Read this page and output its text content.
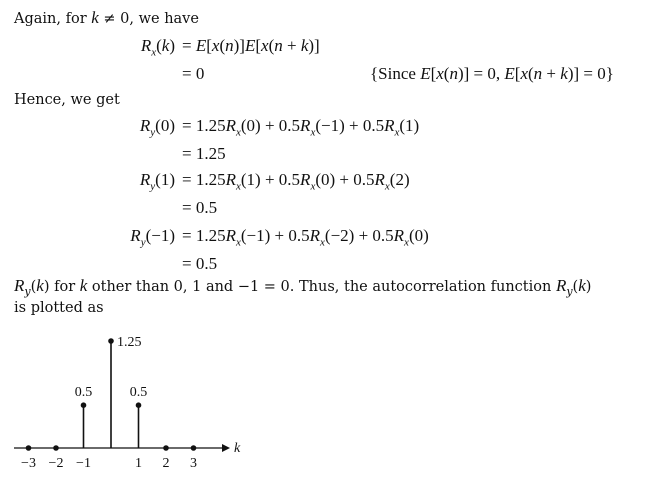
Again, for k ≠ 0, we have
$R_x(k) = E[x(n)]E[x(n + k)]$
= 0	{Since E[x(n)] = 0, E[x(n + k)] = 0}
Hence, we get
$R_y(0) = 1.25R_x(0) + 0.5R_x(-1) + 0.5R_x(1)$
= 1.25
$R_y(1) = 1.25R_x(1) + 0.5R_x(0) + 0.5R_x(2)$
= 0.5
$R_y(-1) = 1.25R_x(-1) + 0.5R_x(-2) + 0.5R_x(0)$
= 0.5
$R_y(k)$ for k other than 0, 1 and −1 = 0. Thus, the autocorrelation function $R_y(k)$
is plotted as
k
−3 −2 −1
0.5
1.25
1
0.5
2 3
